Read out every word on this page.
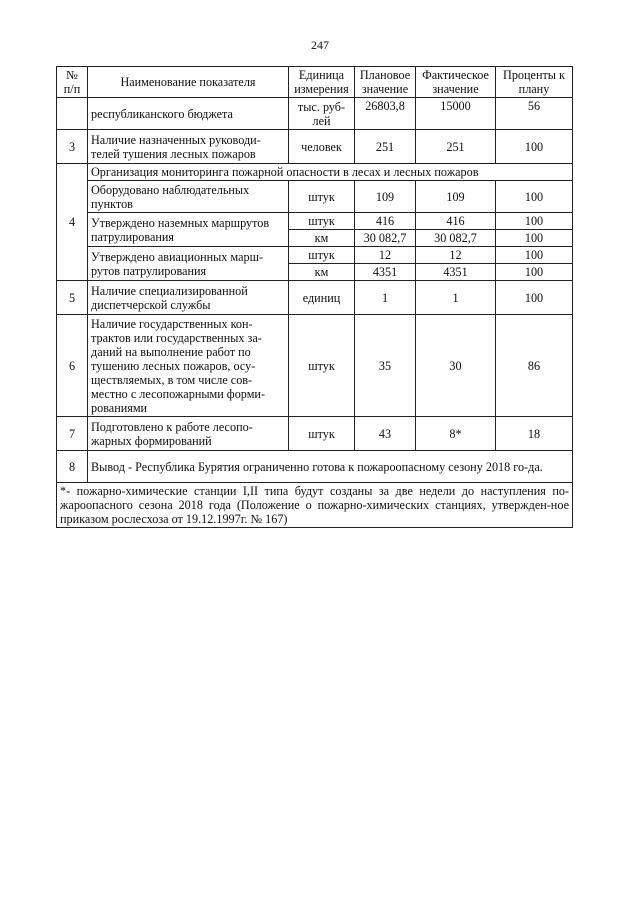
247
№ п/п	Наименование показателя	Единица измерения	Плановое значение	Фактическое значение	Проценты к плану
	республиканского бюджета	тыс. руб-лей	26803,8	15000	56
3	Наличие назначенных руководи-телей тушения лесных пожаров	человек	251	251	100
4	Организация мониторинга пожарной опасности в лесах и лесных пожаров				
	Оборудовано наблюдательных пунктов	штук	109	109	100
	Утверждено наземных маршрутов патрулирования	штук	416	416	100
		км	30 082,7	30 082,7	100
	Утверждено авиационных марш-рутов патрулирования	штук	12	12	100
		км	4351	4351	100
5	Наличие специализированной диспетчерской службы	единиц	1	1	100
6	Наличие государственных кон-трактов или государственных за-даний на выполнение работ по тушению лесных пожаров, осу-ществляемых, в том числе сов-местно с лесопожарными форми-рованиями	штук	35	30	86
7	Подготовлено к работе лесопо-жарных формирований	штук	43	8*	18
8	Вывод - Республика Бурятия ограниченно готова к пожароопасному сезону 2018 го-да.				
*- пожарно-химические станции I,II типа будут созданы за две недели до наступления по-жароопасного сезона 2018 года (Положение о пожарно-химических станциях, утвержден-ное приказом рослесхоза от 19.12.1997г. № 167)					
